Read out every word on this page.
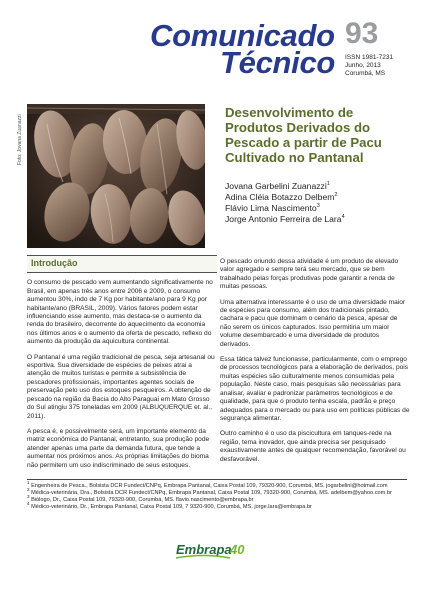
Comunicado
Técnico
93
ISSN 1981-7231
Junho, 2013
Corumbá, MS
Foto: Jovana Zuanazzi
Desenvolvimento de Produtos Derivados do Pescado a partir de Pacu Cultivado no Pantanal
Jovana Garbelini Zuanazzi$^1$
Adina Cléia Botazzo Delbem$^2$
Flávio Lima Nascimento$^3$
Jorge Antonio Ferreira de Lara$^4$
Introdução

O consumo de pescado vem aumentando significativamente no Brasil, em apenas três anos entre 2006 e 2009, o consumo aumentou 30%, indo de 7 Kg por habitante/ano para 9 Kg por habitante/ano (BRASIL, 2009). Vários fatores podem estar influenciando esse aumento, mas destaca-se o aumento da renda do brasileiro, decorrente do aquecimento da economia nos últimos anos e o aumento da oferta de pescado, reflexo do aumento da produção da aquicultura continental.

O Pantanal é uma região tradicional de pesca, seja artesanal ou esportiva. Sua diversidade de espécies de peixes atrai a atenção de muitos turistas e permite a subsistência de pescadores profissionais, importantes agentes sociais de preservação pelo uso dos estoques pesqueiros. A obtenção de pescado na região da Bacia do Alto Paraguai em Mato Grosso do Sul atingiu 375 toneladas em 2009 (ALBUQUERQUE et. al., 2011).

A pesca é, e possivelmente será, um importante elemento da matriz econômica do Pantanal, entretanto, sua produção pode atender apenas uma parte da demanda futura, que tende a aumentar nos próximos anos. As próprias limitações do bioma não permitem um uso indiscriminado de seus estoques.

O pescado oriundo dessa atividade é um produto de elevado valor agregado e sempre terá seu mercado, que se bem trabalhado pelas forças produtivas pode garantir a renda de muitas pessoas.

Uma alternativa interessante é o uso de uma diversidade maior de espécies para consumo, além dos tradicionais pintado, cachara e pacu que dominam o cenário da pesca, apesar de não serem os únicos capturados. Isso permitiria um maior volume desembarcado e uma diversidade de produtos derivados.

Essa tática talvez funcionasse, particularmente, com o emprego de processos tecnológicos para a elaboração de derivados, pois muitas espécies são culturalmente menos consumidas pela população. Neste caso, mais pesquisas são necessárias para analisar, avaliar e padronizar parâmetros tecnológicos e de qualidade, para que o produto tenha escala, padrão e preço adequados para o mercado ou para uso em políticas públicas de segurança alimentar.

Outro caminho é o uso da piscicultura em tanques-rede na região, tema inovador, que ainda precisa ser pesquisado exaustivamente antes de qualquer recomendação, favorável ou desfavorável.

$^1$ Engenheira de Pesca., Bolsista DCR Fundect/CNPq, Embrapa Pantanal, Caixa Postal 109, 79320-900, Corumbá, MS. jogarbelini@hotmail.com
$^2$ Médica-veterinária, Dra., Bolsista DCR Fundect/CNPq, Embrapa Pantanal, Caixa Postal 109, 79320-900, Corumbá, MS. adelbem@yahoo.com.br
$^3$ Biólogo, Dr., Caixa Postal 109, 79320-900, Corumbá, MS. flavio.nascimento@embrapa.br
$^4$ Médico-veterinário, Dr., Embrapa Pantanal, Caixa Postal 109, 7 9320-900, Corumbá, MS. jorge.lara@embrapa.br
Embrapa
40
